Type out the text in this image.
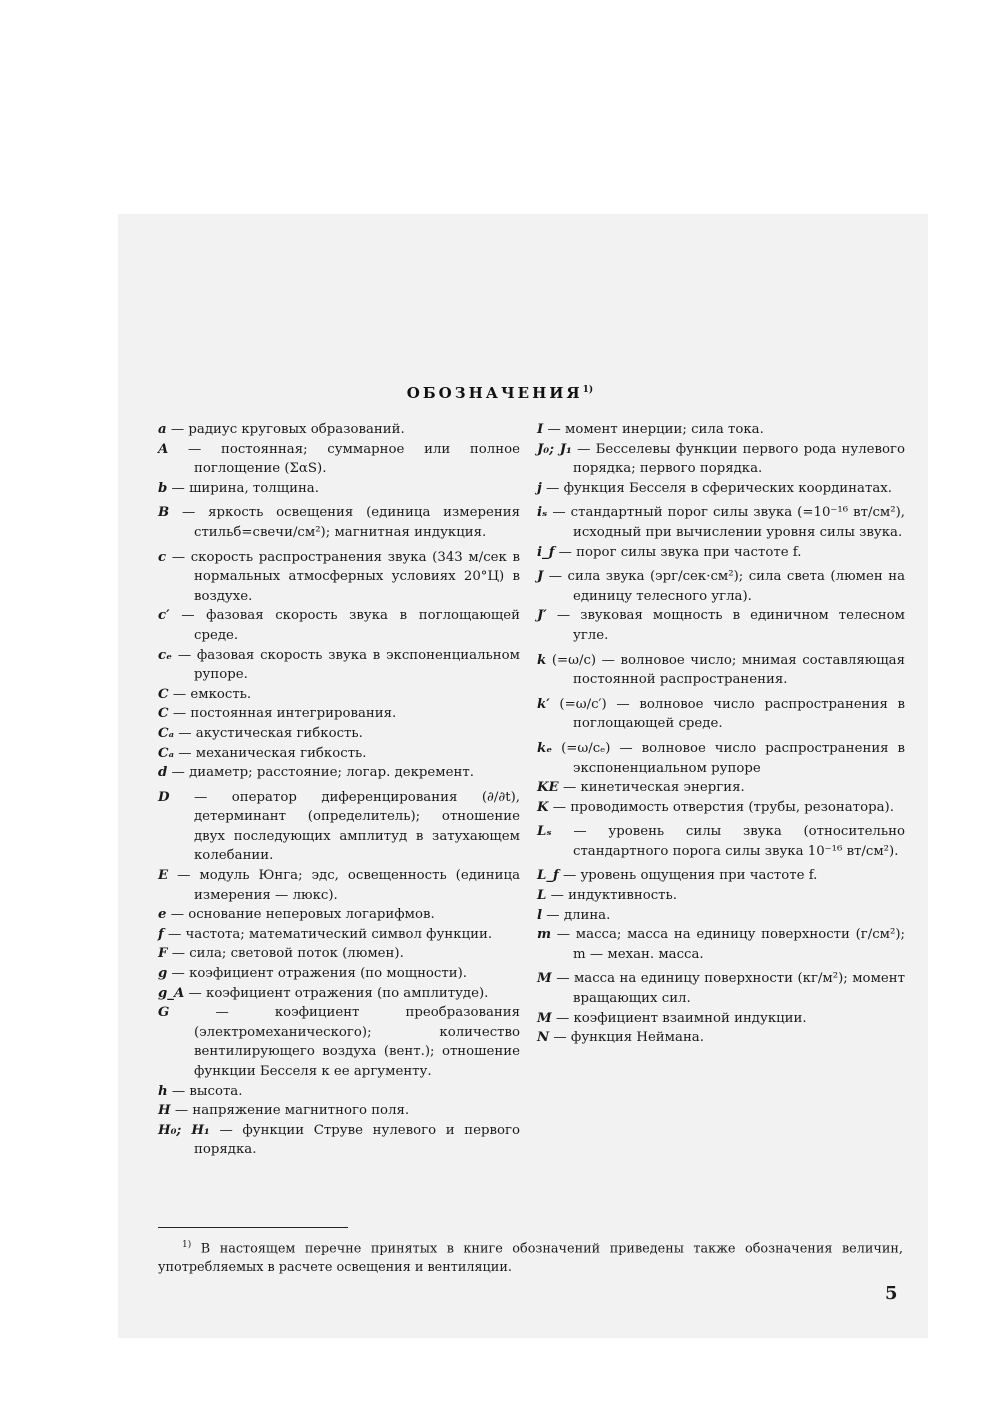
ОБОЗНАЧЕНИЯ$^{1)}$

a — радиус круговых образований.

A — постоянная; суммарное или полное поглощение (ΣαS).

b — ширина, толщина.

B — яркость освещения (единица измерения стильб=свечи/см²); магнитная индукция.

c — скорость распространения звука (343 м/сек в нормальных атмосферных условиях 20°Ц) в воздухе.

c′ — фазовая скорость звука в поглощающей среде.

cₑ — фазовая скорость звука в экспоненциальном рупоре.

C — емкость.

C — постоянная интегрирования.

Cₐ — акустическая гибкость.

Cₐ — механическая гибкость.

d — диаметр; расстояние; логар. декремент.

D — оператор диференцирования (∂/∂t), детерминант (определитель); отношение двух последующих амплитуд в затухающем колебании.

E — модуль Юнга; эдс, освещенность (единица измерения — люкс).

e — основание неперовых логарифмов.

f — частота; математический символ функции.

F — сила; световой поток (люмен).

g — коэфициент отражения (по мощности).

g_A — коэфициент отражения (по амплитуде).

G	— коэфициент преобразования (электромеханического); количество вентилирующего воздуха (вент.); отношение функции Бесселя к ее аргументу.

h — высота.

H — напряжение магнитного поля.

H₀; H₁ — функции Струве нулевого и первого порядка.

I — момент инерции; сила тока.

J₀; J₁ — Бесселевы функции первого рода нулевого порядка; первого порядка.

j — функция Бесселя в сферических координатах.

iₛ — стандартный порог силы звука (=10⁻¹⁶ вт/см²), исходный при вычислении уровня силы звука.

i_f — порог силы звука при частоте f.

J — сила звука (эрг/сек·см²); сила света (люмен на единицу телесного угла).

J′ — звуковая мощность в единичном телесном угле.

k (=ω/c) — волновое число; мнимая составляющая постоянной распространения.

k′ (=ω/c′) — волновое число распространения в поглощающей среде.

kₑ (=ω/cₑ) — волновое число распространения в экспоненциальном рупоре

KE — кинетическая энергия.

K — проводимость отверстия (трубы, резонатора).

Lₛ — уровень силы звука (относительно стандартного порога силы звука 10⁻¹⁶ вт/см²).

L_f — уровень ощущения при частоте f.

L — индуктивность.

l — длина.

m — масса; масса на единицу поверхности (г/см²); m — механ. масса.

M — масса на единицу поверхности (кг/м²); момент вращающих сил.

M — коэфициент взаимной индукции.

N — функция Неймана.

$^{1)}$ В настоящем перечне принятых в книге обозначений приведены также обозначения величин, употребляемых в расчете освещения и вентиляции.
5
